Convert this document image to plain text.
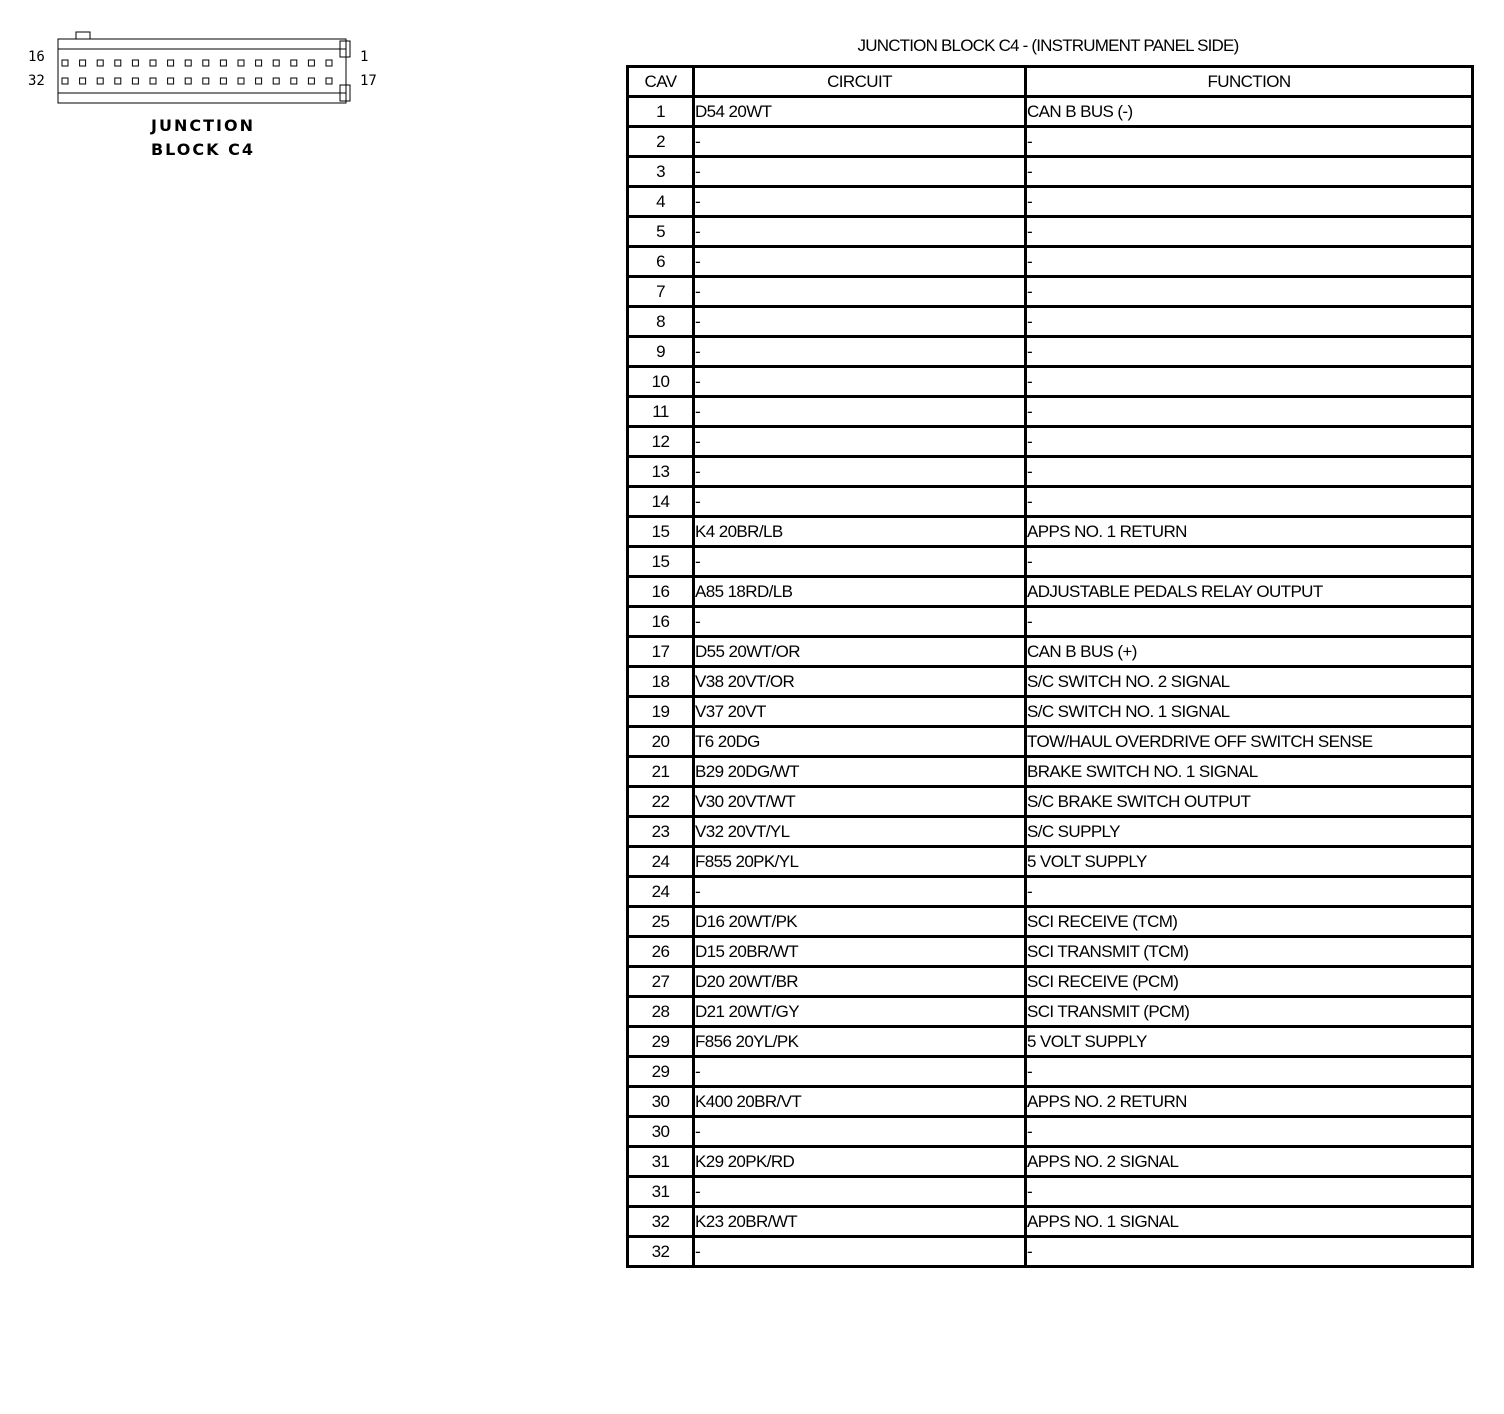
16	1
32	17
JUNCTION
BLOCK C4
JUNCTION BLOCK C4 - (INSTRUMENT PANEL SIDE)
CAV	CIRCUIT	FUNCTION
1	D54 20WT	CAN B BUS (-)
2	-	-
3	-	-
4	-	-
5	-	-
6	-	-
7	-	-
8	-	-
9	-	-
10	-	-
11	-	-
12	-	-
13	-	-
14	-	-
15	K4 20BR/LB	APPS NO. 1 RETURN
15	-	-
16	A85 18RD/LB	ADJUSTABLE PEDALS RELAY OUTPUT
16	-	-
17	D55 20WT/OR	CAN B BUS (+)
18	V38 20VT/OR	S/C SWITCH NO. 2 SIGNAL
19	V37 20VT	S/C SWITCH NO. 1 SIGNAL
20	T6 20DG	TOW/HAUL OVERDRIVE OFF SWITCH SENSE
21	B29 20DG/WT	BRAKE SWITCH NO. 1 SIGNAL
22	V30 20VT/WT	S/C BRAKE SWITCH OUTPUT
23	V32 20VT/YL	S/C SUPPLY
24	F855 20PK/YL	5 VOLT SUPPLY
24	-	-
25	D16 20WT/PK	SCI RECEIVE (TCM)
26	D15 20BR/WT	SCI TRANSMIT (TCM)
27	D20 20WT/BR	SCI RECEIVE (PCM)
28	D21 20WT/GY	SCI TRANSMIT (PCM)
29	F856 20YL/PK	5 VOLT SUPPLY
29	-	-
30	K400 20BR/VT	APPS NO. 2 RETURN
30	-	-
31	K29 20PK/RD	APPS NO. 2 SIGNAL
31	-	-
32	K23 20BR/WT	APPS NO. 1 SIGNAL
32	-	-
